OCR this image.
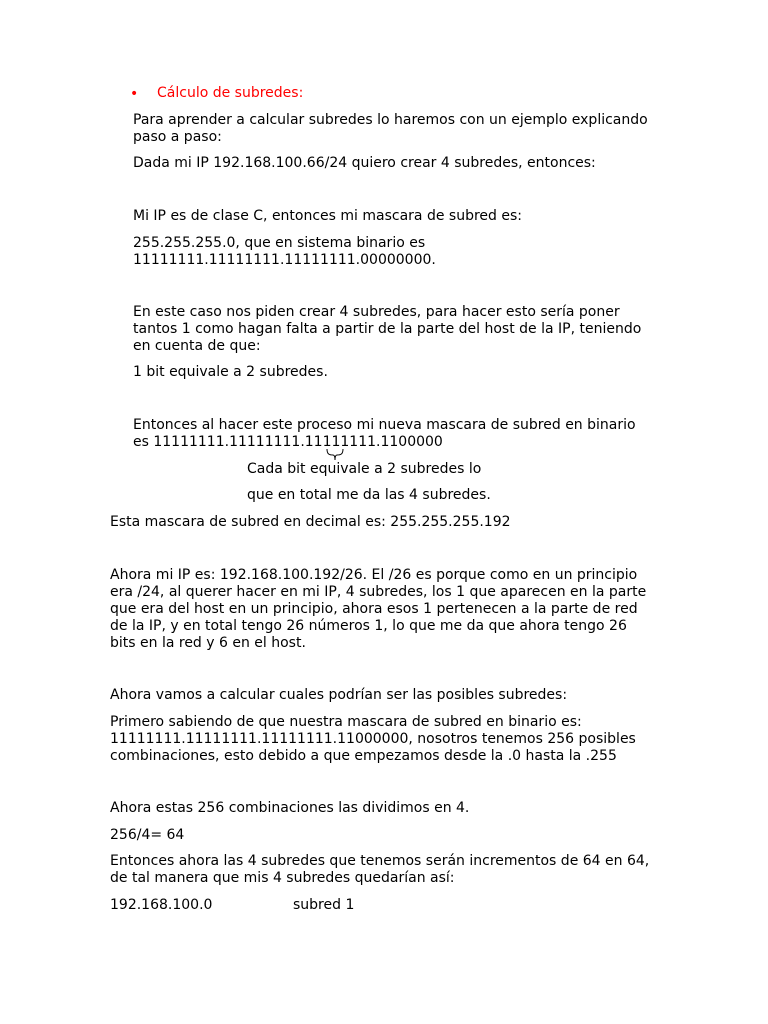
• Cálculo de subredes:

Para aprender a calcular subredes lo haremos con un ejemplo explicando

paso a paso:

Dada mi IP 192.168.100.66/24 quiero crear 4 subredes, entonces:

Mi IP es de clase C, entonces mi mascara de subred es:

255.255.255.0, que en sistema binario es

11111111.11111111.11111111.00000000.

En este caso nos piden crear 4 subredes, para hacer esto sería poner

tantos 1 como hagan falta a partir de la parte del host de la IP, teniendo

en cuenta de que:

1 bit equivale a 2 subredes.

Entonces al hacer este proceso mi nueva mascara de subred en binario

es 11111111.11111111.11111111.1100000

Cada bit equivale a 2 subredes lo

que en total me da las 4 subredes.

Esta mascara de subred en decimal es: 255.255.255.192

Ahora mi IP es: 192.168.100.192/26. El /26 es porque como en un principio

era /24, al querer hacer en mi IP, 4 subredes, los 1 que aparecen en la parte

que era del host en un principio, ahora esos 1 pertenecen a la parte de red

de la IP, y en total tengo 26 números 1, lo que me da que ahora tengo 26

bits en la red y 6 en el host.

Ahora vamos a calcular cuales podrían ser las posibles subredes:

Primero sabiendo de que nuestra mascara de subred en binario es:

11111111.11111111.11111111.11000000, nosotros tenemos 256 posibles

combinaciones, esto debido a que empezamos desde la .0 hasta la .255

Ahora estas 256 combinaciones las dividimos en 4.

256/4= 64

Entonces ahora las 4 subredes que tenemos serán incrementos de 64 en 64,

de tal manera que mis 4 subredes quedarían así:

192.168.100.0	subred 1
